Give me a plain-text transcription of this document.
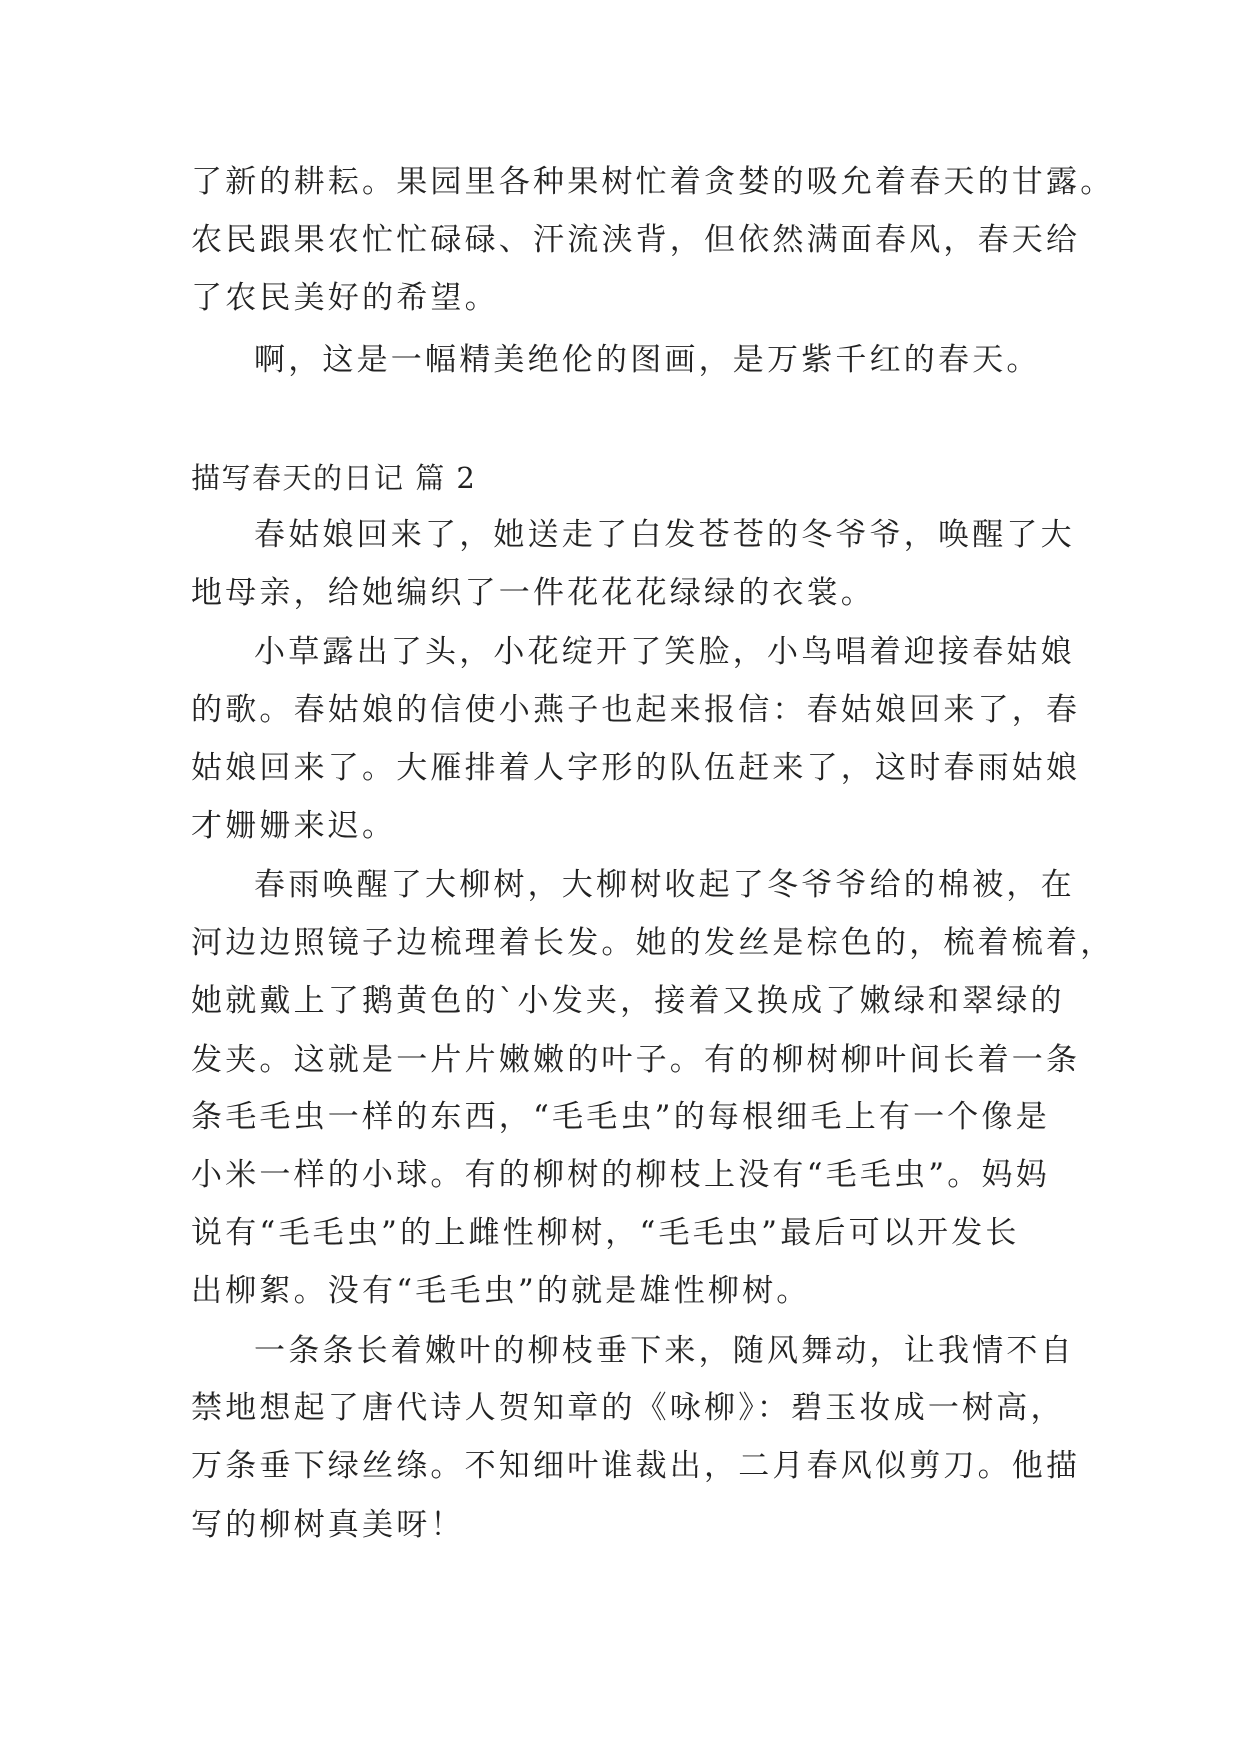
了新的耕耘。果园里各种果树忙着贪婪的吸允着春天的甘露。

农民跟果农忙忙碌碌、汗流浃背，但依然满面春风，春天给

了农民美好的希望。

啊，这是一幅精美绝伦的图画，是万紫千红的春天。

描写春天的日记 篇 2

春姑娘回来了，她送走了白发苍苍的冬爷爷，唤醒了大

地母亲，给她编织了一件花花花绿绿的衣裳。

小草露出了头，小花绽开了笑脸，小鸟唱着迎接春姑娘

的歌。春姑娘的信使小燕子也起来报信：春姑娘回来了，春

姑娘回来了。大雁排着人字形的队伍赶来了，这时春雨姑娘

才姗姗来迟。

春雨唤醒了大柳树，大柳树收起了冬爷爷给的棉被，在

河边边照镜子边梳理着长发。她的发丝是棕色的，梳着梳着，

她就戴上了鹅黄色的`小发夹，接着又换成了嫩绿和翠绿的

发夹。这就是一片片嫩嫩的叶子。有的柳树柳叶间长着一条

条毛毛虫一样的东西，“毛毛虫”的每根细毛上有一个像是

小米一样的小球。有的柳树的柳枝上没有“毛毛虫”。妈妈

说有“毛毛虫”的上雌性柳树，“毛毛虫”最后可以开发长

出柳絮。没有“毛毛虫”的就是雄性柳树。

一条条长着嫩叶的柳枝垂下来，随风舞动，让我情不自

禁地想起了唐代诗人贺知章的《咏柳》：碧玉妆成一树高，

万条垂下绿丝绦。不知细叶谁裁出，二月春风似剪刀。他描

写的柳树真美呀！
